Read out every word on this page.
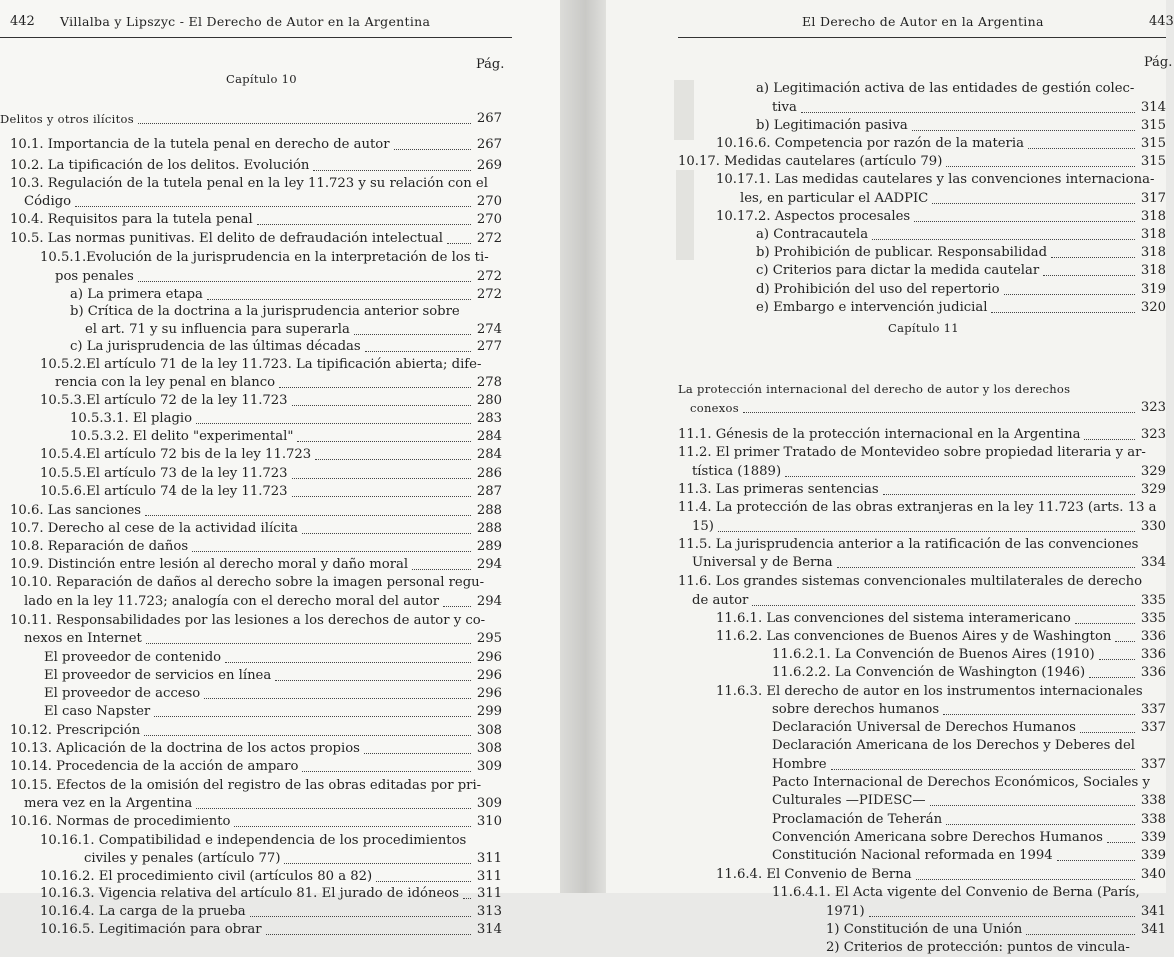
442 Villalba y Lipszyc - El Derecho de Autor en la Argentina
Pág.
Capítulo 10
Delitos y otros ilícitos	267
10.1. Importancia de la tutela penal en derecho de autor	267
10.2. La tipificación de los delitos. Evolución	269
10.3. Regulación de la tutela penal en la ley 11.723 y su relación con el
Código	270
10.4. Requisitos para la tutela penal	270
10.5. Las normas punitivas. El delito de defraudación intelectual	272
10.5.1.Evolución de la jurisprudencia en la interpretación de los ti-
pos penales	272
a) La primera etapa	272
b) Crítica de la doctrina a la jurisprudencia anterior sobre
el art. 71 y su influencia para superarla	274
c) La jurisprudencia de las últimas décadas	277
10.5.2.El artículo 71 de la ley 11.723. La tipificación abierta; dife-
rencia con la ley penal en blanco	278
10.5.3.El artículo 72 de la ley 11.723	280
10.5.3.1. El plagio	283
10.5.3.2. El delito "experimental"	284
10.5.4.El artículo 72 bis de la ley 11.723	284
10.5.5.El artículo 73 de la ley 11.723	286
10.5.6.El artículo 74 de la ley 11.723	287
10.6. Las sanciones	288
10.7. Derecho al cese de la actividad ilícita	288
10.8. Reparación de daños	289
10.9. Distinción entre lesión al derecho moral y daño moral	294
10.10. Reparación de daños al derecho sobre la imagen personal regu-
lado en la ley 11.723; analogía con el derecho moral del autor	294
10.11. Responsabilidades por las lesiones a los derechos de autor y co-
nexos en Internet	295
El proveedor de contenido	296
El proveedor de servicios en línea	296
El proveedor de acceso	296
El caso Napster	299
10.12. Prescripción	308
10.13. Aplicación de la doctrina de los actos propios	308
10.14. Procedencia de la acción de amparo	309
10.15. Efectos de la omisión del registro de las obras editadas por pri-
mera vez en la Argentina	309
10.16. Normas de procedimiento	310
10.16.1. Compatibilidad e independencia de los procedimientos
civiles y penales (artículo 77)	311
10.16.2. El procedimiento civil (artículos 80 a 82)	311
10.16.3. Vigencia relativa del artículo 81. El jurado de idóneos 311
10.16.4. La carga de la prueba	313
10.16.5. Legitimación para obrar	314
El Derecho de Autor en la Argentina	443
Pág.
Capítulo 11
a) Legitimación activa de las entidades de gestión colec-
tiva	314
b) Legitimación pasiva	315
10.16.6. Competencia por razón de la materia	315
10.17. Medidas cautelares (artículo 79)	315
10.17.1. Las medidas cautelares y las convenciones internaciona-
les, en particular el AADPIC	317
10.17.2. Aspectos procesales	318
a) Contracautela	318
b) Prohibición de publicar. Responsabilidad	318
c) Criterios para dictar la medida cautelar	318
d) Prohibición del uso del repertorio	319
e) Embargo e intervención judicial	320
La protección internacional del derecho de autor y los derechos
conexos	323
11.1. Génesis de la protección internacional en la Argentina	323
11.2. El primer Tratado de Montevideo sobre propiedad literaria y ar-
tística (1889)	329
11.3. Las primeras sentencias	329
11.4. La protección de las obras extranjeras en la ley 11.723 (arts. 13 a
15)	330
11.5. La jurisprudencia anterior a la ratificación de las convenciones
Universal y de Berna	334
11.6. Los grandes sistemas convencionales multilaterales de derecho
de autor	335
11.6.1. Las convenciones del sistema interamericano	335
11.6.2. Las convenciones de Buenos Aires y de Washington 336
11.6.2.1. La Convención de Buenos Aires (1910)	336
11.6.2.2. La Convención de Washington (1946)	336
11.6.3. El derecho de autor en los instrumentos internacionales
sobre derechos humanos	337
Declaración Universal de Derechos Humanos	337
Declaración Americana de los Derechos y Deberes del
Hombre	337
Pacto Internacional de Derechos Económicos, Sociales y
Culturales —PIDESC—	338
Proclamación de Teherán	338
Convención Americana sobre Derechos Humanos	339
Constitución Nacional reformada en 1994	339
11.6.4. El Convenio de Berna	340
11.6.4.1. El Acta vigente del Convenio de Berna (París,
1971)	341
1) Constitución de una Unión	341
2) Criterios de protección: puntos de vincula-
